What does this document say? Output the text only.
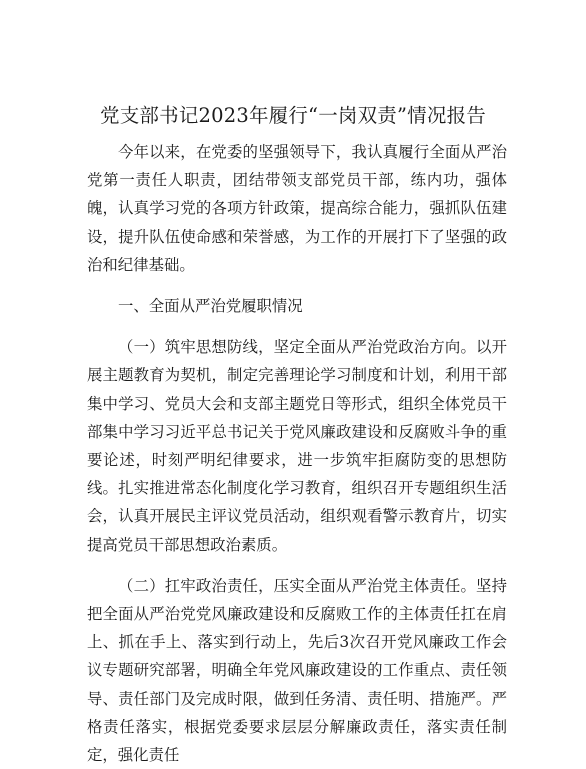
党支部书记2023年履行“一岗双责”情况报告

今年以来，在党委的坚强领导下，我认真履行全面从严治党第一责任人职责，团结带领支部党员干部，练内功，强体魄，认真学习党的各项方针政策，提高综合能力，强抓队伍建设，提升队伍使命感和荣誉感，为工作的开展打下了坚强的政治和纪律基础。

一、全面从严治党履职情况

（一）筑牢思想防线，坚定全面从严治党政治方向。以开展主题教育为契机，制定完善理论学习制度和计划，利用干部集中学习、党员大会和支部主题党日等形式，组织全体党员干部集中学习习近平总书记关于党风廉政建设和反腐败斗争的重要论述，时刻严明纪律要求，进一步筑牢拒腐防变的思想防线。扎实推进常态化制度化学习教育，组织召开专题组织生活会，认真开展民主评议党员活动，组织观看警示教育片，切实提高党员干部思想政治素质。

（二）扛牢政治责任，压实全面从严治党主体责任。坚持把全面从严治党党风廉政建设和反腐败工作的主体责任扛在肩上、抓在手上、落实到行动上，先后3次召开党风廉政工作会议专题研究部署，明确全年党风廉政建设的工作重点、责任领导、责任部门及完成时限，做到任务清、责任明、措施严。严格责任落实，根据党委要求层层分解廉政责任，落实责任制定，强化责任
